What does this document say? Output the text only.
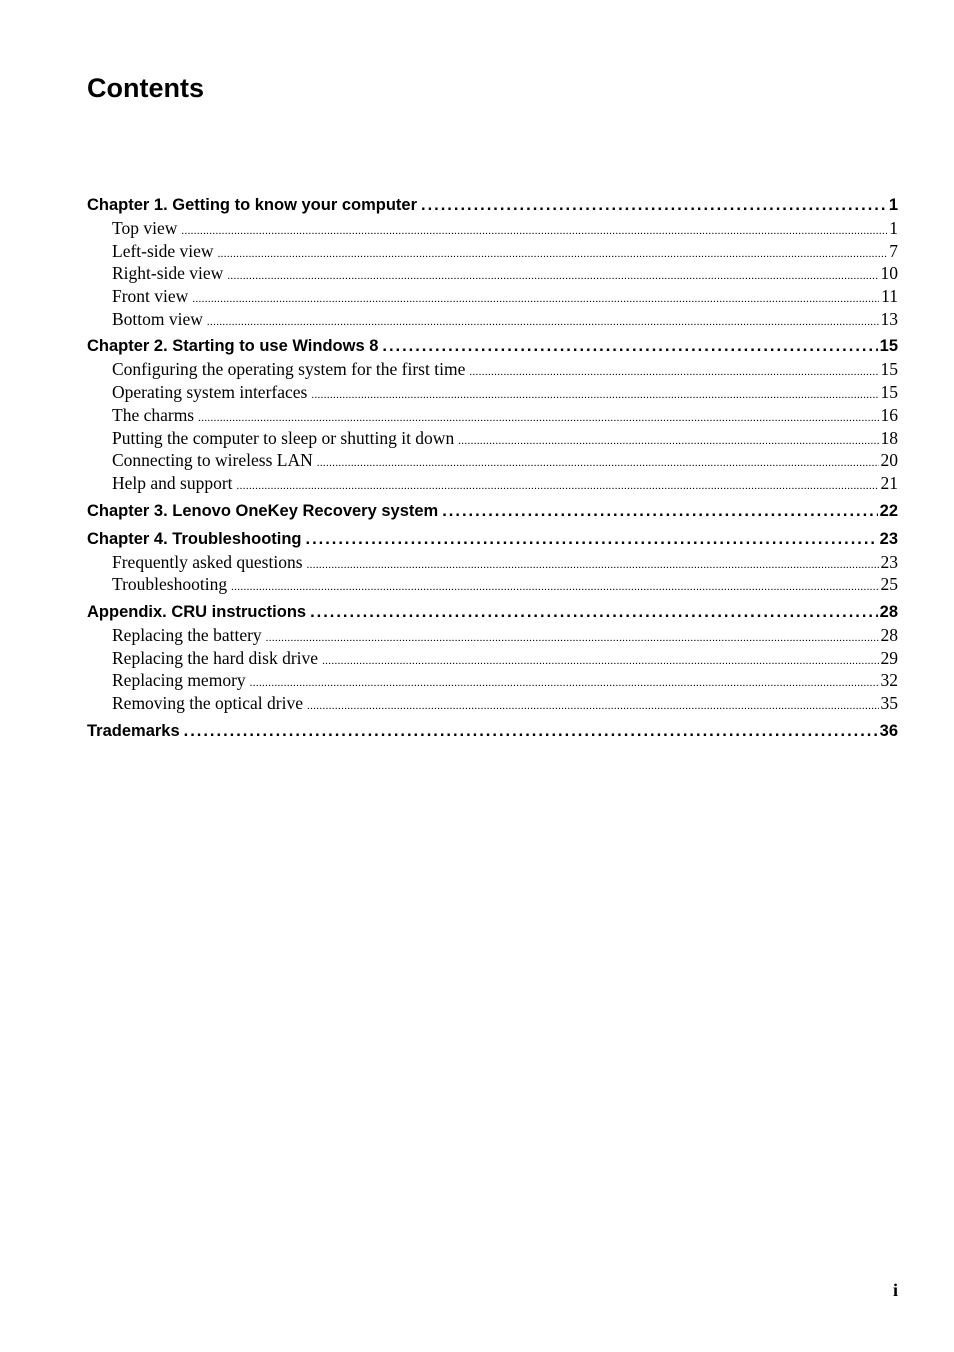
Contents
Chapter 1. Getting to know your computer . . .	1
Top view . . .	1
Left-side view . . .	7
Right-side view . . .	10
Front view . . .	11
Bottom view . . .	13
Chapter 2. Starting to use Windows 8 . . .	15
Configuring the operating system for the first time . . .	15
Operating system interfaces . . .	15
The charms . . .	16
Putting the computer to sleep or shutting it down . . .	18
Connecting to wireless LAN . . .	20
Help and support . . .	21
Chapter 3. Lenovo OneKey Recovery system . . .	22
Chapter 4. Troubleshooting . . .	23
Frequently asked questions . . .	23
Troubleshooting . . .	25
Appendix. CRU instructions . . .	28
Replacing the battery . . .	28
Replacing the hard disk drive . . .	29
Replacing memory . . .	32
Removing the optical drive . . .	35
Trademarks . . .	36
i
